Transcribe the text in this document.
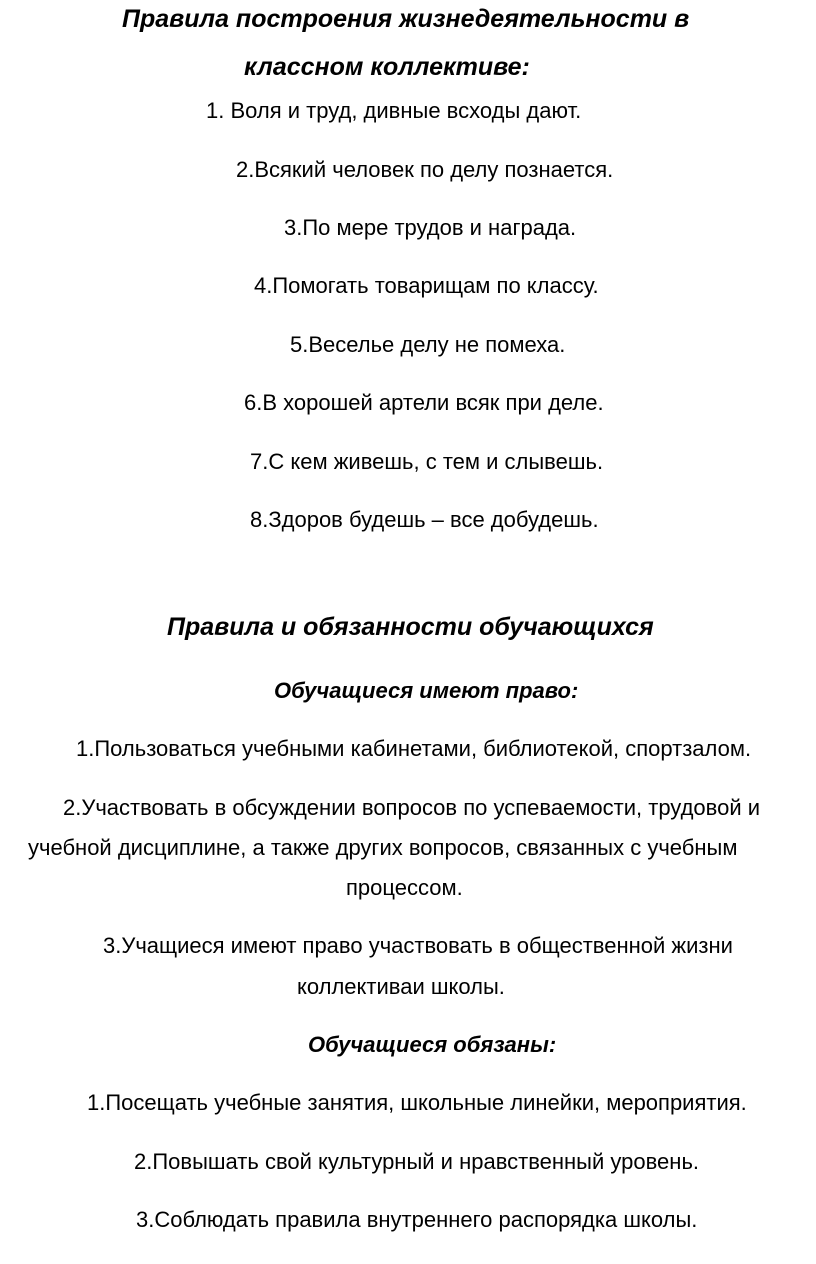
Правила построения жизнедеятельности в
классном коллективе:
1. Воля и труд, дивные всходы дают.
2.Всякий человек по делу познается.
3.По мере трудов и награда.
4.Помогать товарищам по классу.
5.Веселье делу не помеха.
6.В хорошей артели всяк при деле.
7.С кем живешь, с тем и слывешь.
8.Здоров будешь – все добудешь.
Правила и обязанности обучающихся
Обучащиеся имеют право:
1.Пользоваться учебными кабинетами, библиотекой, спортзалом.
2.Участвовать в обсуждении вопросов по успеваемости, трудовой и
учебной дисциплине, а также других вопросов, связанных с учебным
процессом.
3.Учащиеся имеют право участвовать в общественной жизни
коллективаи школы.
Обучащиеся обязаны:
1.Посещать учебные занятия, школьные линейки, мероприятия.
2.Повышать свой культурный и нравственный уровень.
3.Соблюдать правила внутреннего распорядка школы.
